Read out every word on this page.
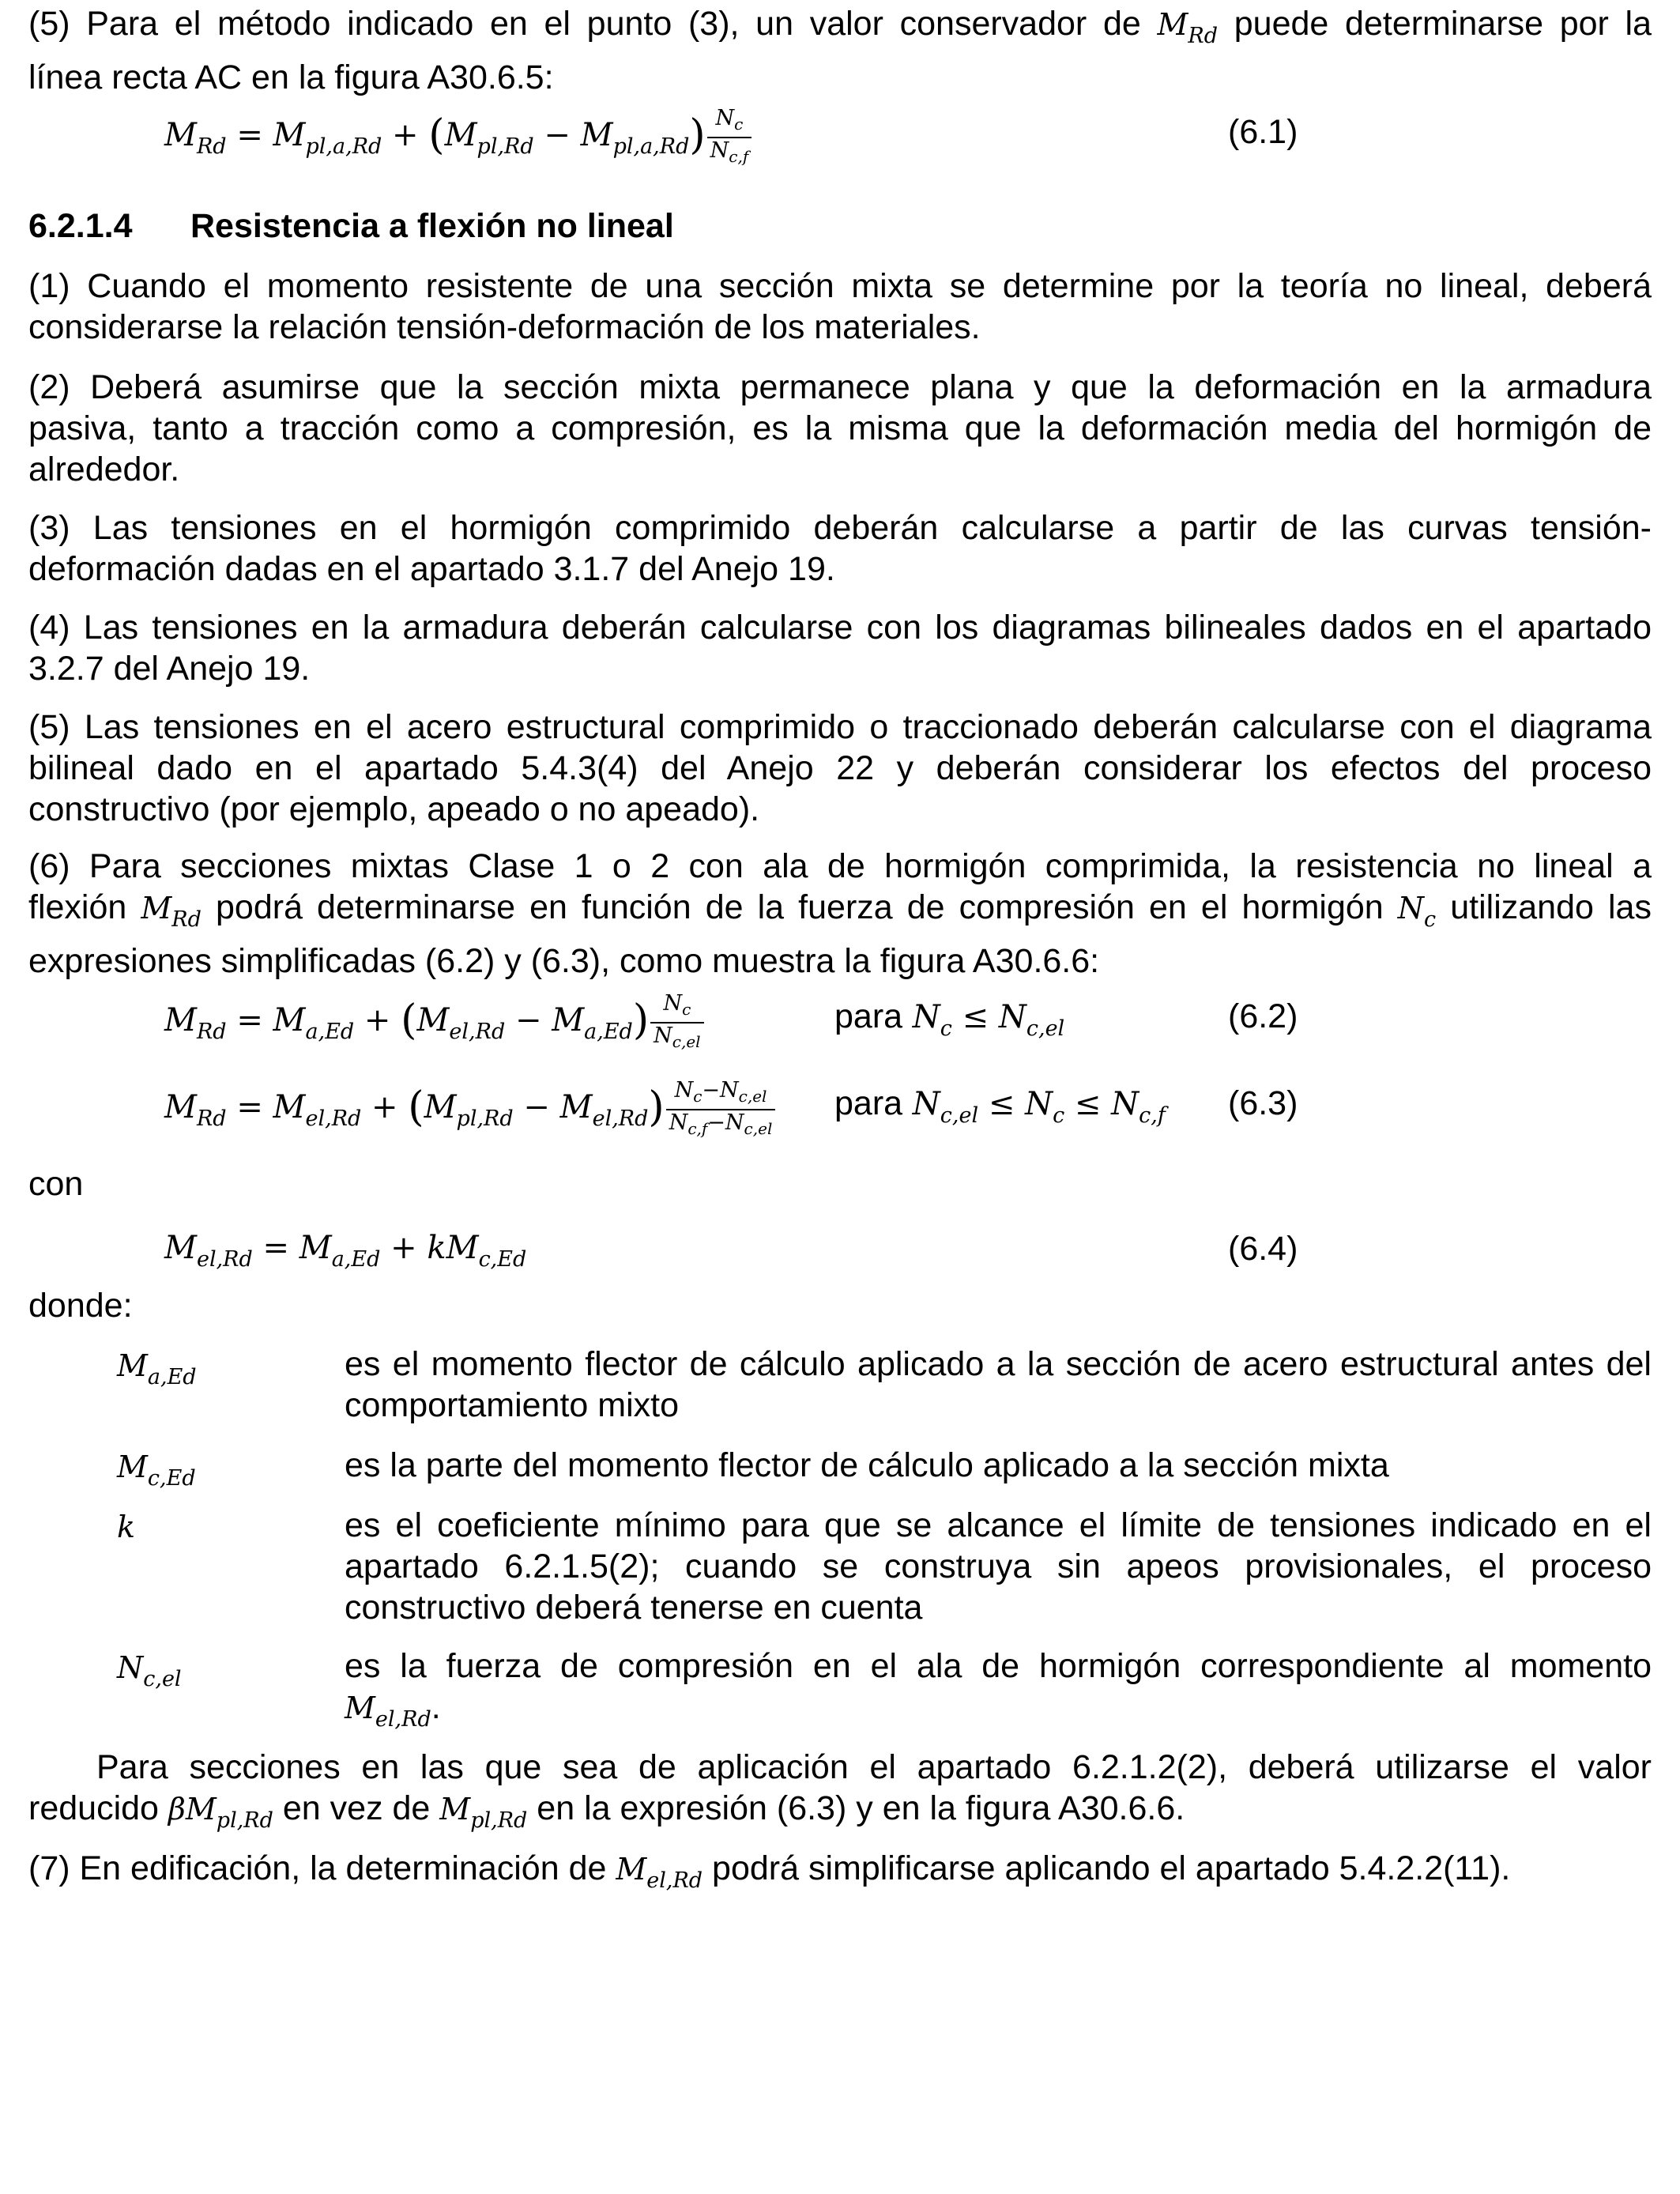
(5) Para el método indicado en el punto (3), un valor conservador de $M_{Rd}$ puede determinarse por la
línea recta AC en la figura A30.6.5:
$M_{Rd} = M_{pl,a,Rd} + (M_{pl,Rd} - M_{pl,a,Rd}) \frac{N_c}{N_{c,f}}$	(6.1)
6.2.1.4 Resistencia a flexión no lineal
(1) Cuando el momento resistente de una sección mixta se determine por la teoría no lineal, deberá
considerarse la relación tensión-deformación de los materiales.
(2) Deberá asumirse que la sección mixta permanece plana y que la deformación en la armadura
pasiva, tanto a tracción como a compresión, es la misma que la deformación media del hormigón de
alrededor.
(3) Las tensiones en el hormigón comprimido deberán calcularse a partir de las curvas tensión-
deformación dadas en el apartado 3.1.7 del Anejo 19.
(4) Las tensiones en la armadura deberán calcularse con los diagramas bilineales dados en el apartado
3.2.7 del Anejo 19.
(5) Las tensiones en el acero estructural comprimido o traccionado deberán calcularse con el diagrama
bilineal dado en el apartado 5.4.3(4) del Anejo 22 y deberán considerar los efectos del proceso
constructivo (por ejemplo, apeado o no apeado).
(6) Para secciones mixtas Clase 1 o 2 con ala de hormigón comprimida, la resistencia no lineal a
flexión $M_{Rd}$ podrá determinarse en función de la fuerza de compresión en el hormigón $N_c$ utilizando las
expresiones simplificadas (6.2) y (6.3), como muestra la figura A30.6.6:
$M_{Rd} = M_{a,Ed} + (M_{el,Rd} - M_{a,Ed}) \frac{N_c}{N_{c,el}}$	para $N_c \le N_{c,el}$	(6.2)
$M_{Rd} = M_{el,Rd} + (M_{pl,Rd} - M_{el,Rd}) \frac{N_c-N_{c,el}}{N_{c,f}-N_{c,el}}$ para $N_{c,el} \le N_c \le N_{c,f}$ (6.3)
con
$M_{el,Rd} = M_{a,Ed} + kM_{c,Ed}$	(6.4)
donde:
$M_{a,Ed}$	es el momento flector de cálculo aplicado a la sección de acero estructural antes del
comportamiento mixto
$M_{c,Ed}$	es la parte del momento flector de cálculo aplicado a la sección mixta
k	es el coeficiente mínimo para que se alcance el límite de tensiones indicado en el
apartado 6.2.1.5(2); cuando se construya sin apeos provisionales, el proceso
constructivo deberá tenerse en cuenta
$N_{c,el}$	es la fuerza de compresión en el ala de hormigón correspondiente al momento
$M_{el,Rd}$.
Para secciones en las que sea de aplicación el apartado 6.2.1.2(2), deberá utilizarse el valor
reducido $\beta M_{pl,Rd}$ en vez de $M_{pl,Rd}$ en la expresión (6.3) y en la figura A30.6.6.
(7) En edificación, la determinación de $M_{el,Rd}$ podrá simplificarse aplicando el apartado 5.4.2.2(11).
